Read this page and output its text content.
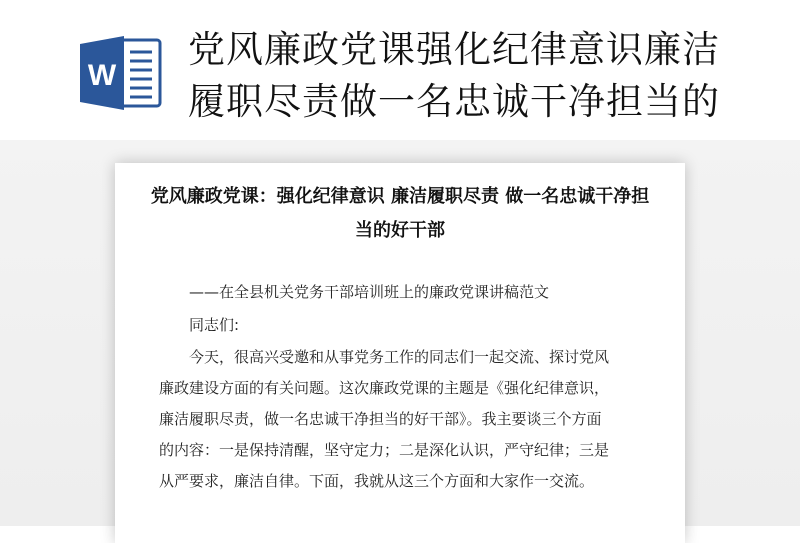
W
党风廉政党课强化纪律意识廉洁
履职尽责做一名忠诚干净担当的
党风廉政党课：强化纪律意识 廉洁履职尽责 做一名忠诚干净担当的好干部
——在全县机关党务干部培训班上的廉政党课讲稿范文
同志们:
今天，很高兴受邀和从事党务工作的同志们一起交流、探讨党风
廉政建设方面的有关问题。这次廉政党课的主题是《强化纪律意识，
廉洁履职尽责，做一名忠诚干净担当的好干部》。我主要谈三个方面
的内容：一是保持清醒，坚守定力；二是深化认识，严守纪律；三是
从严要求，廉洁自律。下面，我就从这三个方面和大家作一交流。
